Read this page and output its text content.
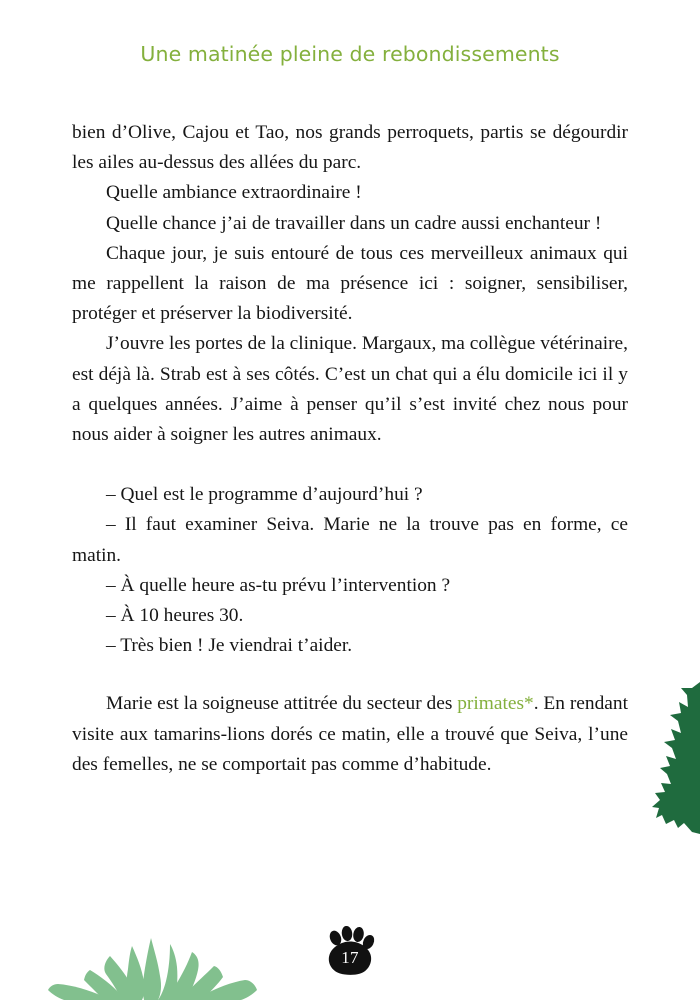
Une matinée pleine de rebondissements

bien d’Olive, Cajou et Tao, nos grands perroquets, partis se dégourdir les ailes au-dessus des allées du parc.

Quelle ambiance extraordinaire !

Quelle chance j’ai de travailler dans un cadre aussi enchanteur !

Chaque jour, je suis entouré de tous ces merveilleux animaux qui me rappellent la raison de ma présence ici : soigner, sensibiliser, protéger et préserver la biodiversité.

J’ouvre les portes de la clinique. Margaux, ma collègue vétérinaire, est déjà là. Strab est à ses côtés. C’est un chat qui a élu domicile ici il y a quelques années. J’aime à penser qu’il s’est invité chez nous pour nous aider à soigner les autres animaux.

– Quel est le programme d’aujourd’hui ?

– Il faut examiner Seiva. Marie ne la trouve pas en forme, ce matin.

– À quelle heure as-tu prévu l’intervention ?

– À 10 heures 30.

– Très bien ! Je viendrai t’aider.

Marie est la soigneuse attitrée du secteur des primates*. En rendant visite aux tamarins-lions dorés ce matin, elle a trouvé que Seiva, l’une des femelles, ne se comportait pas comme d’habitude.

17
